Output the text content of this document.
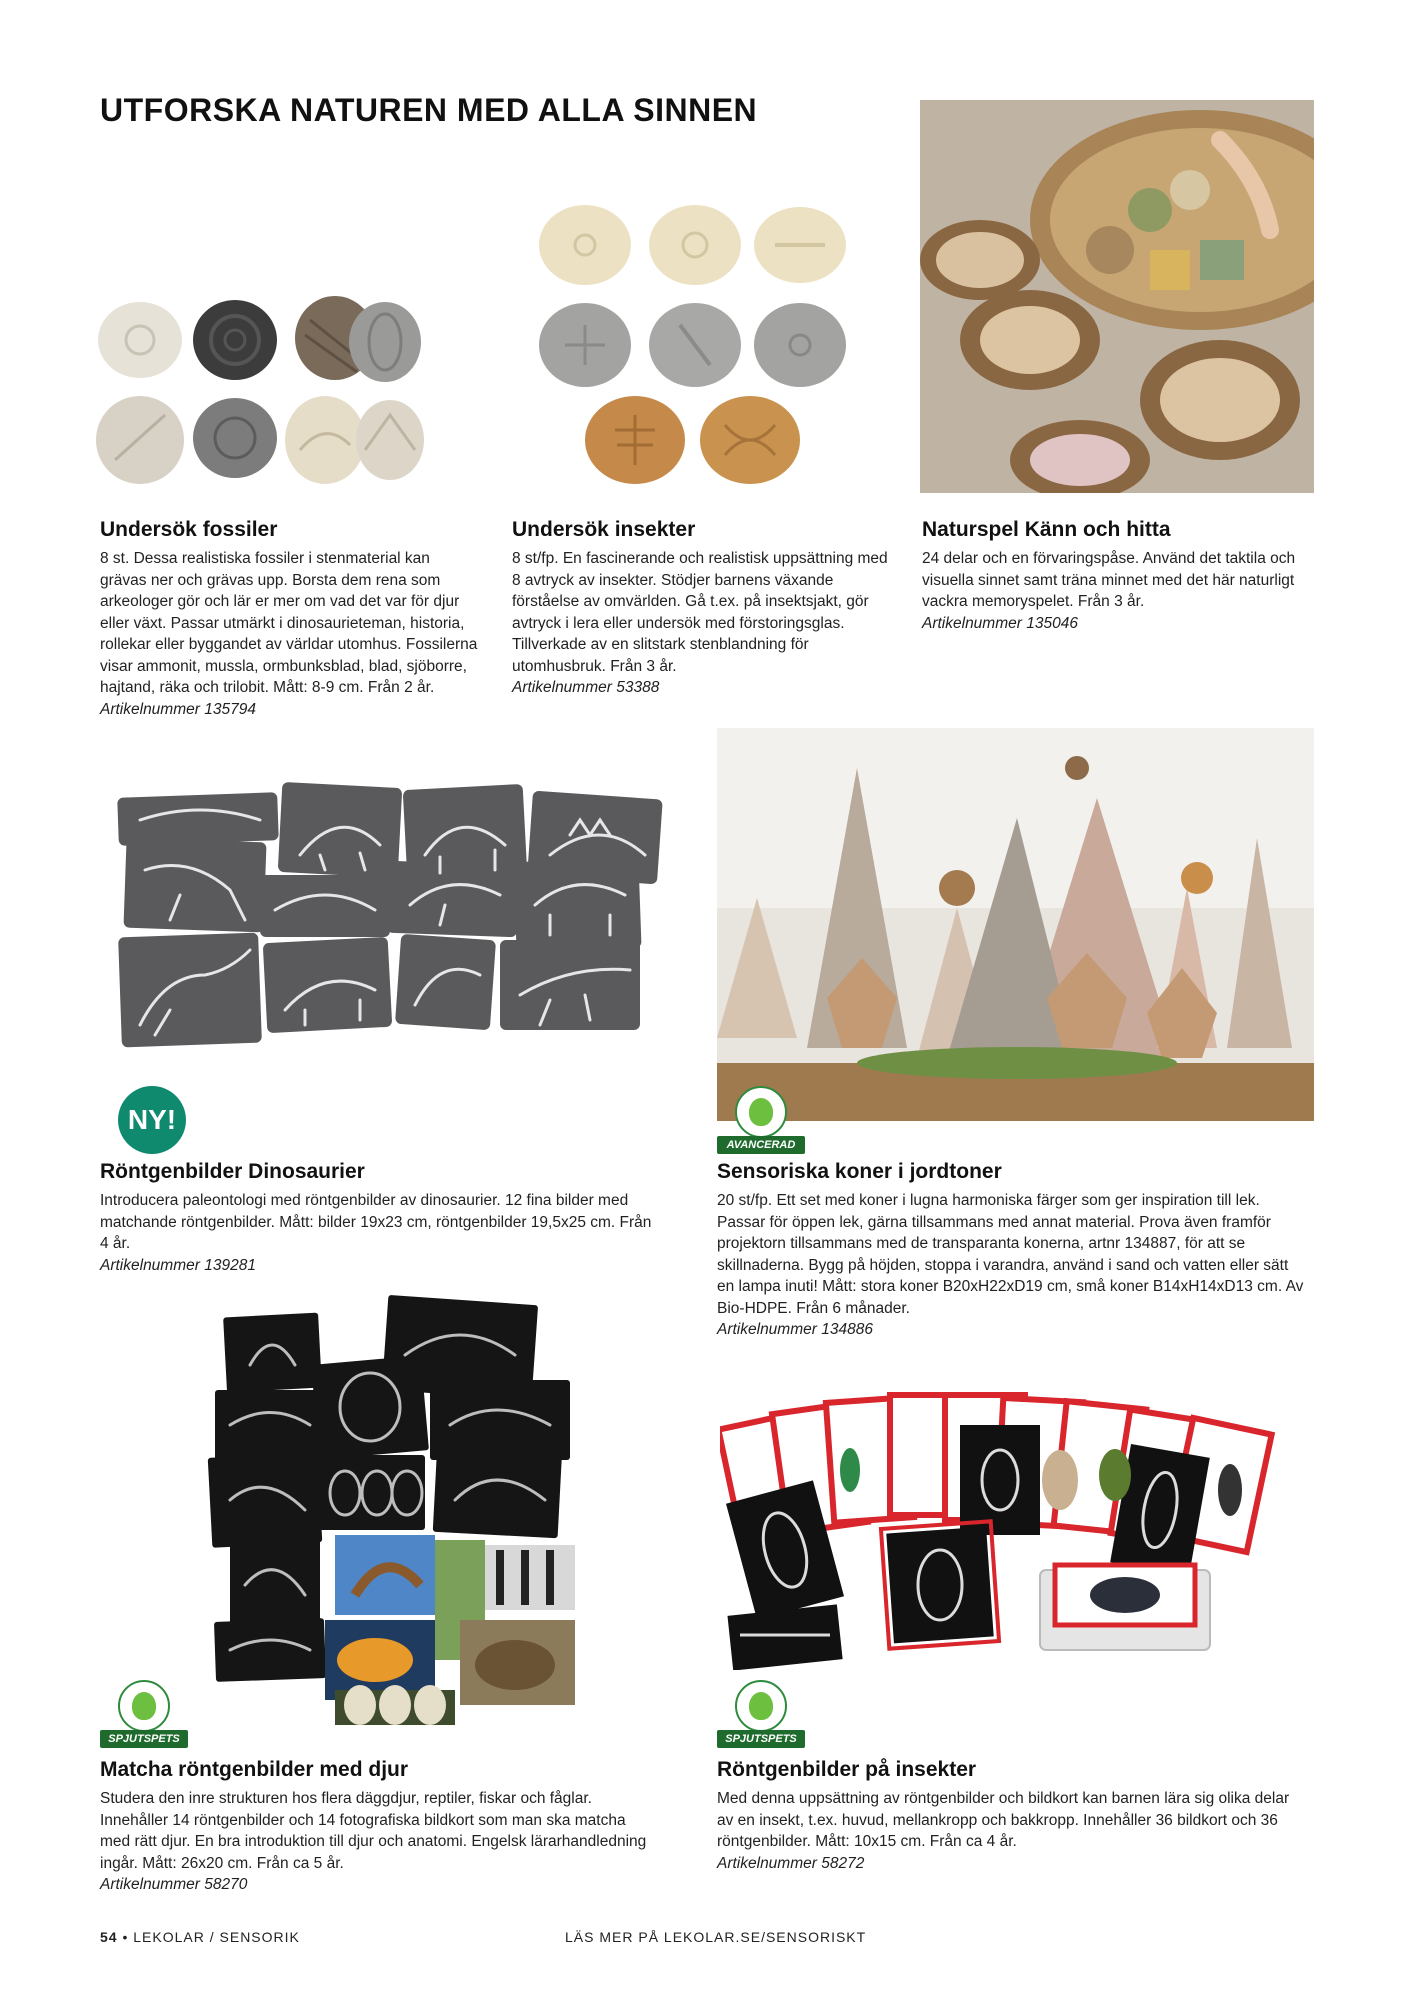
UTFORSKA NATUREN MED ALLA SINNEN
Undersök fossiler

8 st. Dessa realistiska fossiler i stenmaterial kan grävas ner och grävas upp. Borsta dem rena som arkeologer gör och lär er mer om vad det var för djur eller växt. Passar utmärkt i dinosaurieteman, historia, rollekar eller byggandet av världar utomhus. Fossilerna visar ammonit, mussla, ormbunksblad, blad, sjöborre, hajtand, räka och trilobit. Mått: 8-9 cm. Från 2 år.

Artikelnummer 135794
Undersök insekter

8 st/fp. En fascinerande och realistisk uppsättning med 8 avtryck av insekter. Stödjer barnens växande förståelse av omvärlden. Gå t.ex. på insektsjakt, gör avtryck i lera eller undersök med förstoringsglas. Tillverkade av en slitstark stenblandning för utomhusbruk. Från 3 år.

Artikelnummer 53388
Naturspel Känn och hitta

24 delar och en förvaringspåse. Använd det taktila och visuella sinnet samt träna minnet med det här naturligt vackra memoryspelet. Från 3 år.

Artikelnummer 135046
AVANCERAD
NY!
Röntgenbilder Dinosaurier

Introducera paleontologi med röntgenbilder av dinosaurier. 12 fina bilder med matchande röntgenbilder. Mått: bilder 19x23 cm, röntgenbilder 19,5x25 cm. Från 4 år.

Artikelnummer 139281
Sensoriska koner i jordtoner

20 st/fp. Ett set med koner i lugna harmoniska färger som ger inspiration till lek. Passar för öppen lek, gärna tillsammans med annat material. Prova även framför projektorn tillsammans med de transparanta konerna, artnr 134887, för att se skillnaderna. Bygg på höjden, stoppa i varandra, använd i sand och vatten eller sätt en lampa inuti! Mått: stora koner B20xH22xD19 cm, små koner B14xH14xD13 cm. Av Bio-HDPE. Från 6 månader.

Artikelnummer 134886
SPJUTSPETS	SPJUTSPETS
Matcha röntgenbilder med djur

Studera den inre strukturen hos flera däggdjur, reptiler, fiskar och fåglar. Innehåller 14 röntgenbilder och 14 fotografiska bildkort som man ska matcha med rätt djur. En bra introduktion till djur och anatomi. Engelsk lärarhandledning ingår. Mått: 26x20 cm. Från ca 5 år.

Artikelnummer 58270
Röntgenbilder på insekter

Med denna uppsättning av röntgenbilder och bildkort kan barnen lära sig olika delar av en insekt, t.ex. huvud, mellankropp och bakkropp. Innehåller 36 bildkort och 36 röntgenbilder. Mått: 10x15 cm. Från ca 4 år.

Artikelnummer 58272
54 • LEKOLAR / SENSORIK	LÄS MER PÅ LEKOLAR.SE/SENSORISKT
